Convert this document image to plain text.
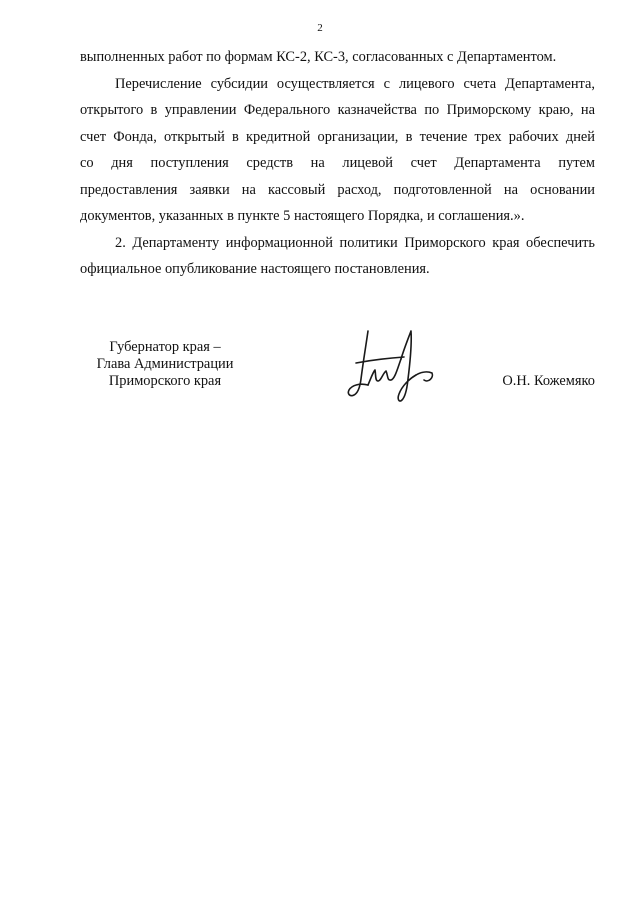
2
выполненных работ по формам КС-2, КС-3, согласованных с Департаментом.
Перечисление субсидии осуществляется с лицевого счета Департамента,
открытого в управлении Федерального казначейства по Приморскому краю, на
счет Фонда, открытый в кредитной организации, в течение трех рабочих дней
со дня поступления средств на лицевой счет Департамента путем
предоставления заявки на кассовый расход, подготовленной на основании
документов, указанных в пункте 5 настоящего Порядка, и соглашения.».
2. Департаменту информационной политики Приморского края обеспечить
официальное опубликование настоящего постановления.
Губернатор края –
Глава Администрации
Приморского края	О.Н. Кожемяко
